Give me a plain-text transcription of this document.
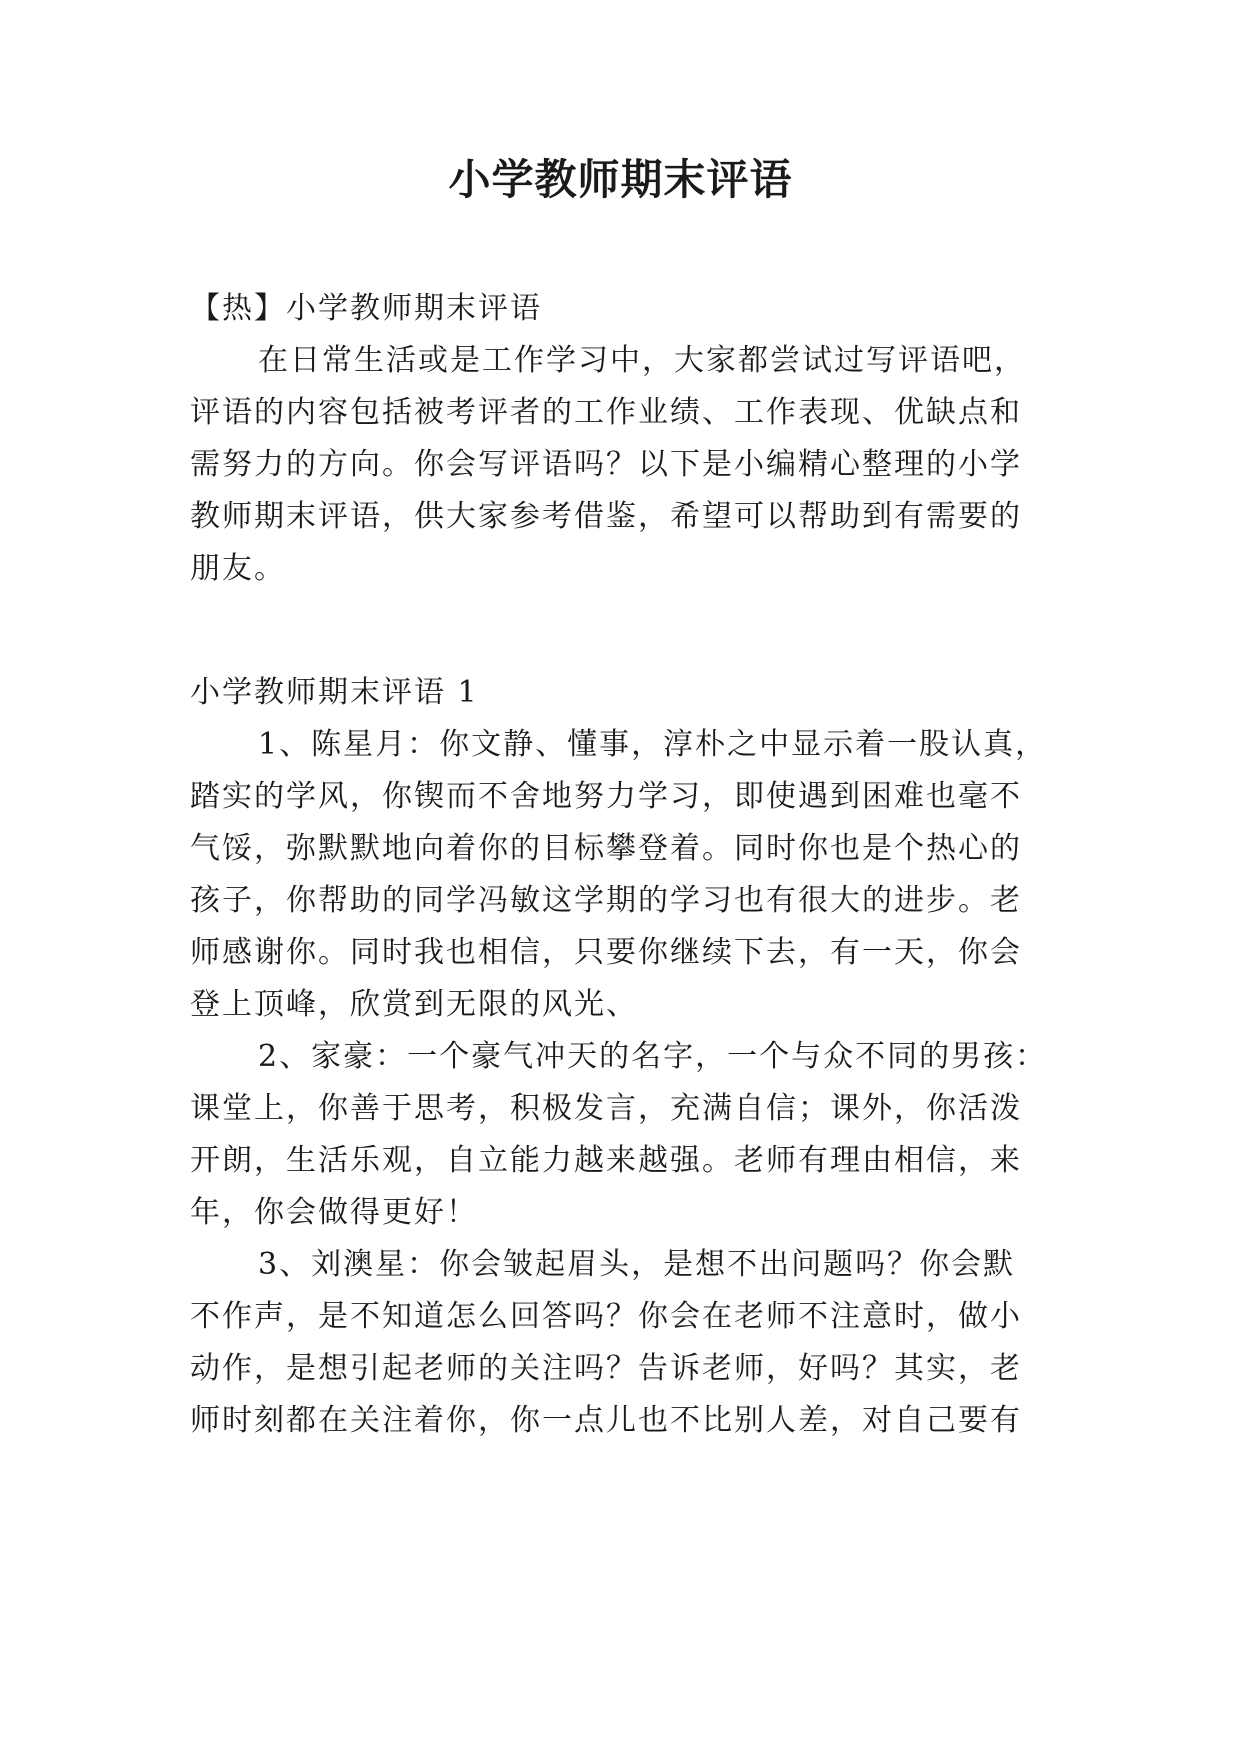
小学教师期末评语
【热】小学教师期末评语
在日常生活或是工作学习中，大家都尝试过写评语吧，
评语的内容包括被考评者的工作业绩、工作表现、优缺点和
需努力的方向。你会写评语吗？以下是小编精心整理的小学
教师期末评语，供大家参考借鉴，希望可以帮助到有需要的
朋友。
小学教师期末评语 1
1、陈星月：你文静、懂事，淳朴之中显示着一股认真，
踏实的学风，你锲而不舍地努力学习，即使遇到困难也毫不
气馁，弥默默地向着你的目标攀登着。同时你也是个热心的
孩子，你帮助的同学冯敏这学期的学习也有很大的进步。老
师感谢你。同时我也相信，只要你继续下去，有一天，你会
登上顶峰，欣赏到无限的风光、
2、家豪：一个豪气冲天的名字，一个与众不同的男孩：
课堂上，你善于思考，积极发言，充满自信；课外，你活泼
开朗，生活乐观，自立能力越来越强。老师有理由相信，来
年，你会做得更好！
3、刘澳星：你会皱起眉头，是想不出问题吗？你会默
不作声，是不知道怎么回答吗？你会在老师不注意时，做小
动作，是想引起老师的关注吗？告诉老师，好吗？其实，老
师时刻都在关注着你，你一点儿也不比别人差，对自己要有
